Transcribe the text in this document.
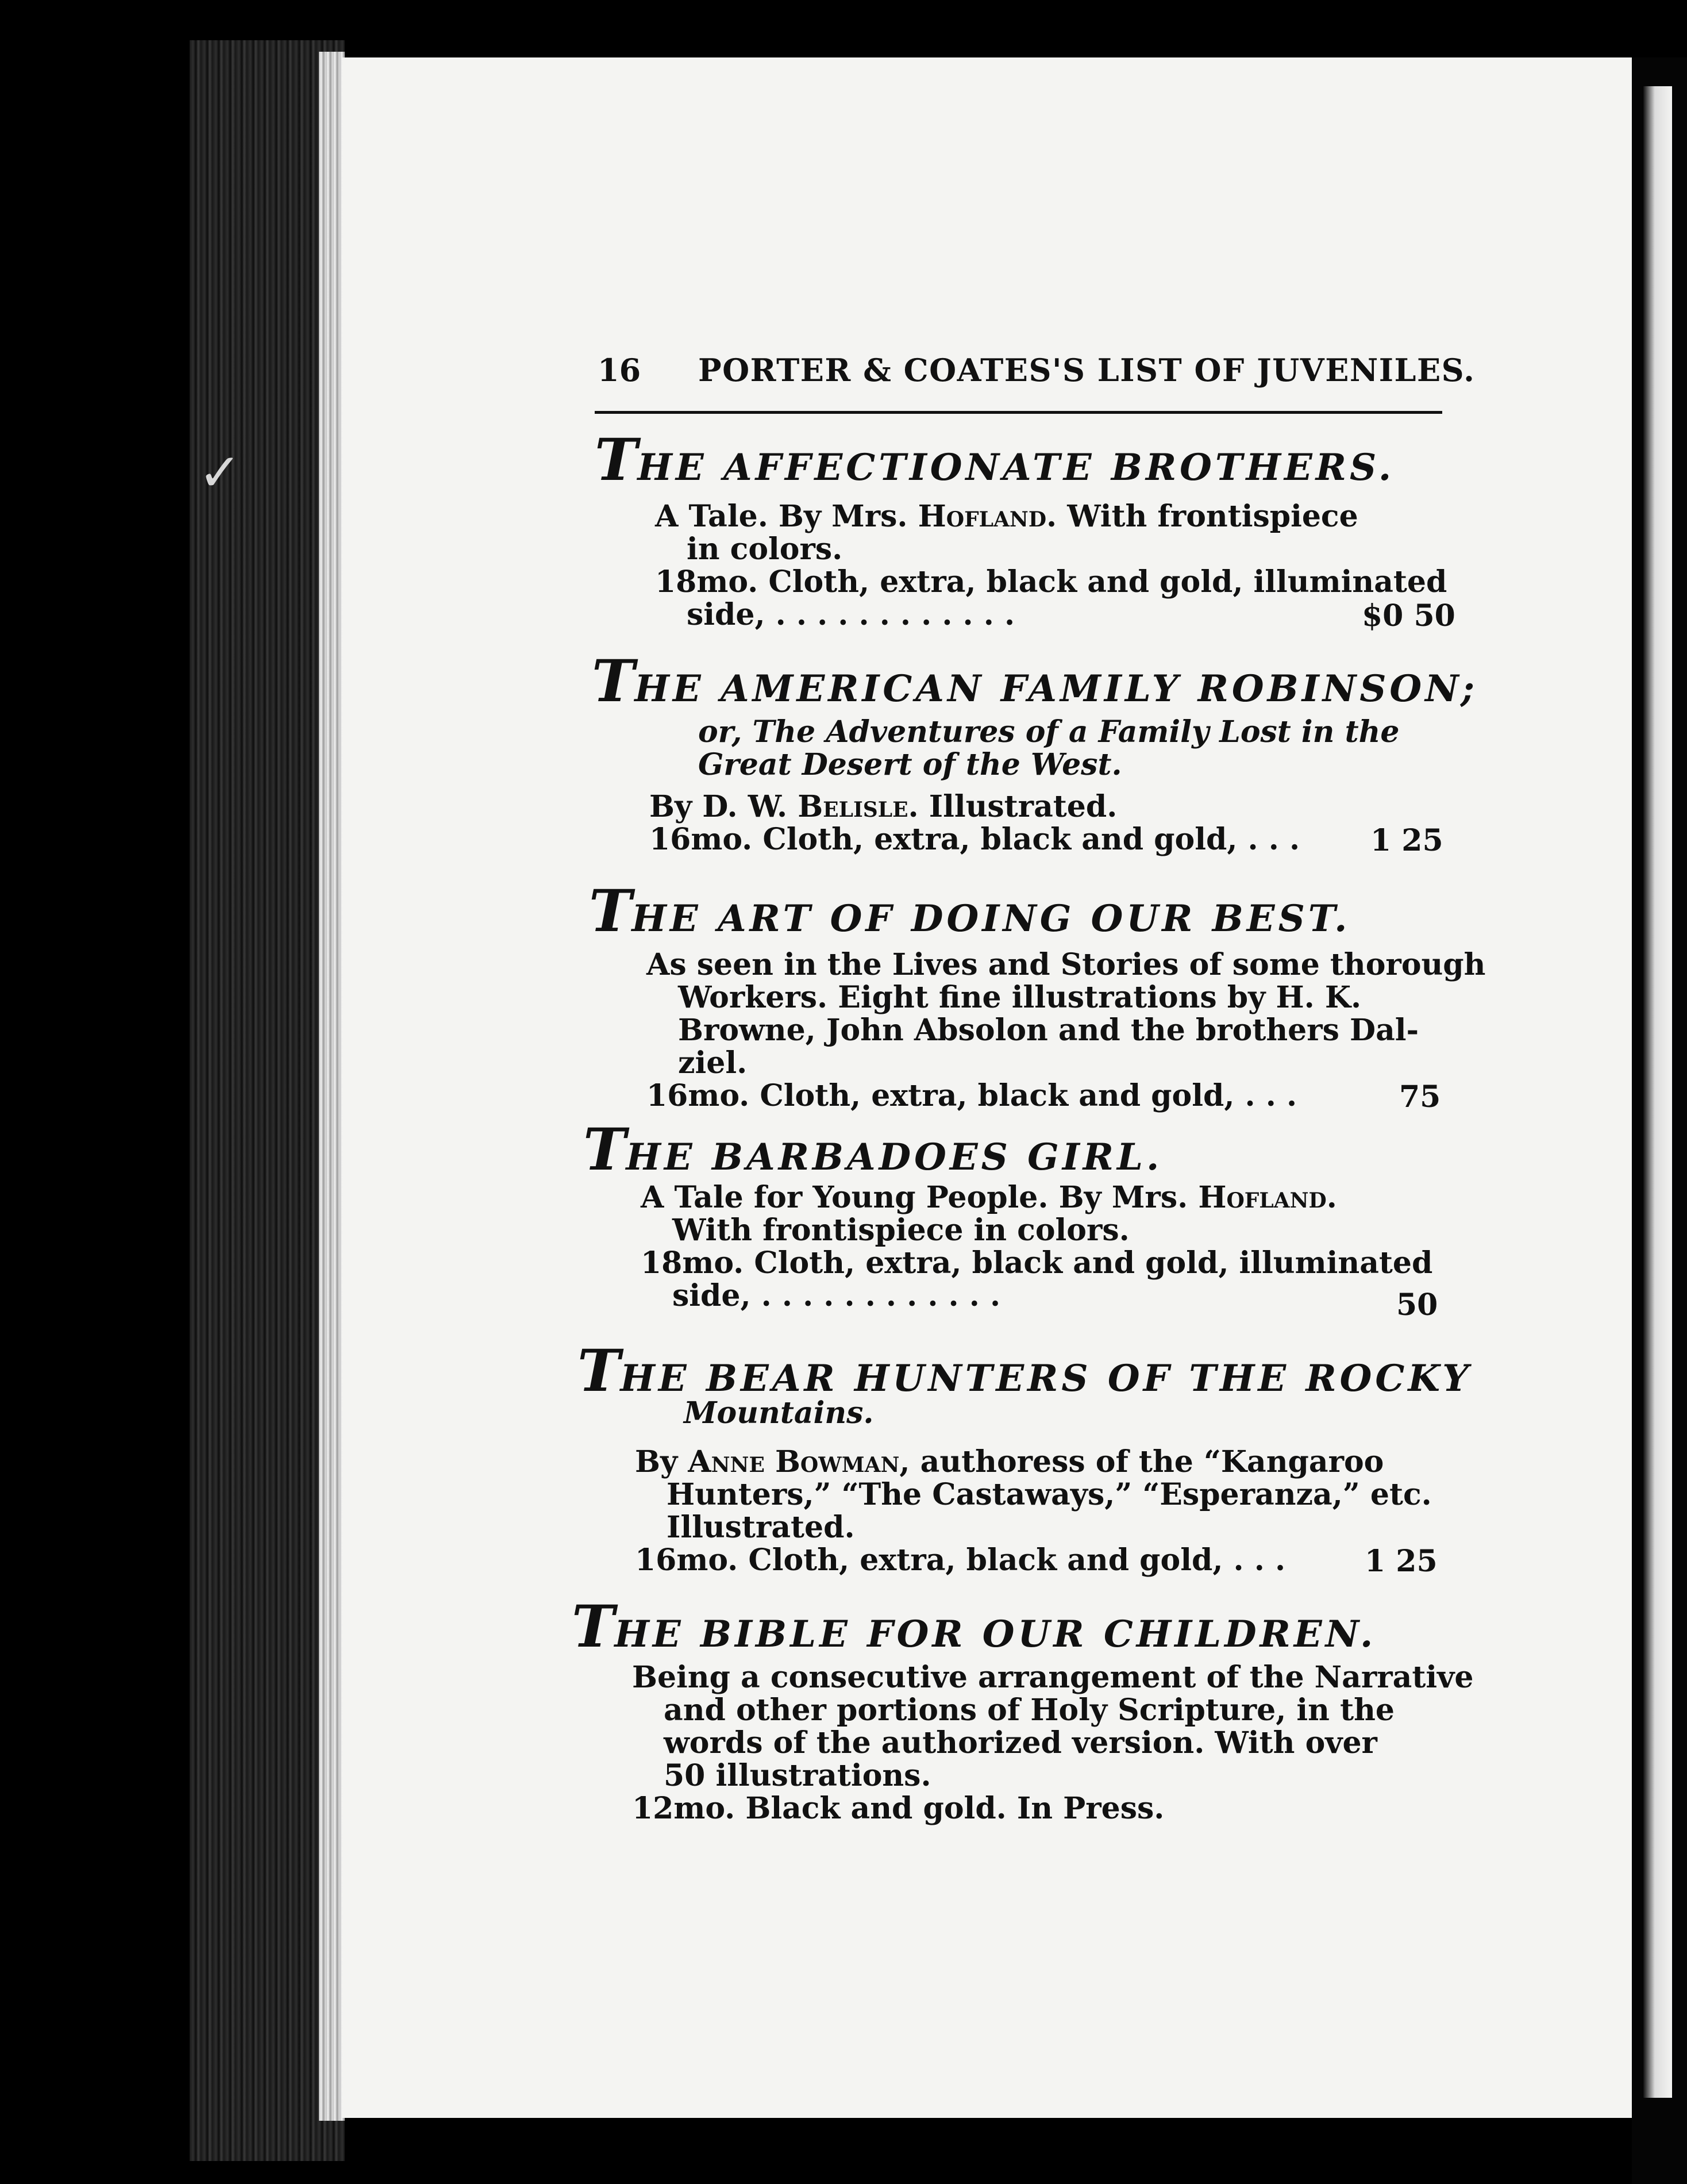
✓
16 PORTER & COATES'S LIST OF JUVENILES.
THE AFFECTIONATE BROTHERS.
A Tale. By Mrs. Hofland. With frontispiece
in colors.
18mo. Cloth, extra, black and gold, illuminated
side, . . . . . . . . . . . .	$0 50
THE AMERICAN FAMILY ROBINSON;
or, The Adventures of a Family Lost in the
Great Desert of the West.
By D. W. Belisle. Illustrated.
16mo. Cloth, extra, black and gold, . . . 1 25
THE ART OF DOING OUR BEST.
As seen in the Lives and Stories of some thorough
Workers. Eight fine illustrations by H. K.
Browne, John Absolon and the brothers Dal-
ziel.
16mo. Cloth, extra, black and gold, . . .	75
THE BARBADOES GIRL.
A Tale for Young People. By Mrs. Hofland.
With frontispiece in colors.
18mo. Cloth, extra, black and gold, illuminated
side, . . . . . . . . . . . .	50
THE BEAR HUNTERS OF THE ROCKY
Mountains.
By Anne Bowman, authoress of the “Kangaroo
Hunters,” “The Castaways,” “Esperanza,” etc.
Illustrated.
16mo. Cloth, extra, black and gold, . . .	1 25
THE BIBLE FOR OUR CHILDREN.
Being a consecutive arrangement of the Narrative
and other portions of Holy Scripture, in the
words of the authorized version. With over
50 illustrations.
12mo. Black and gold. In Press.
